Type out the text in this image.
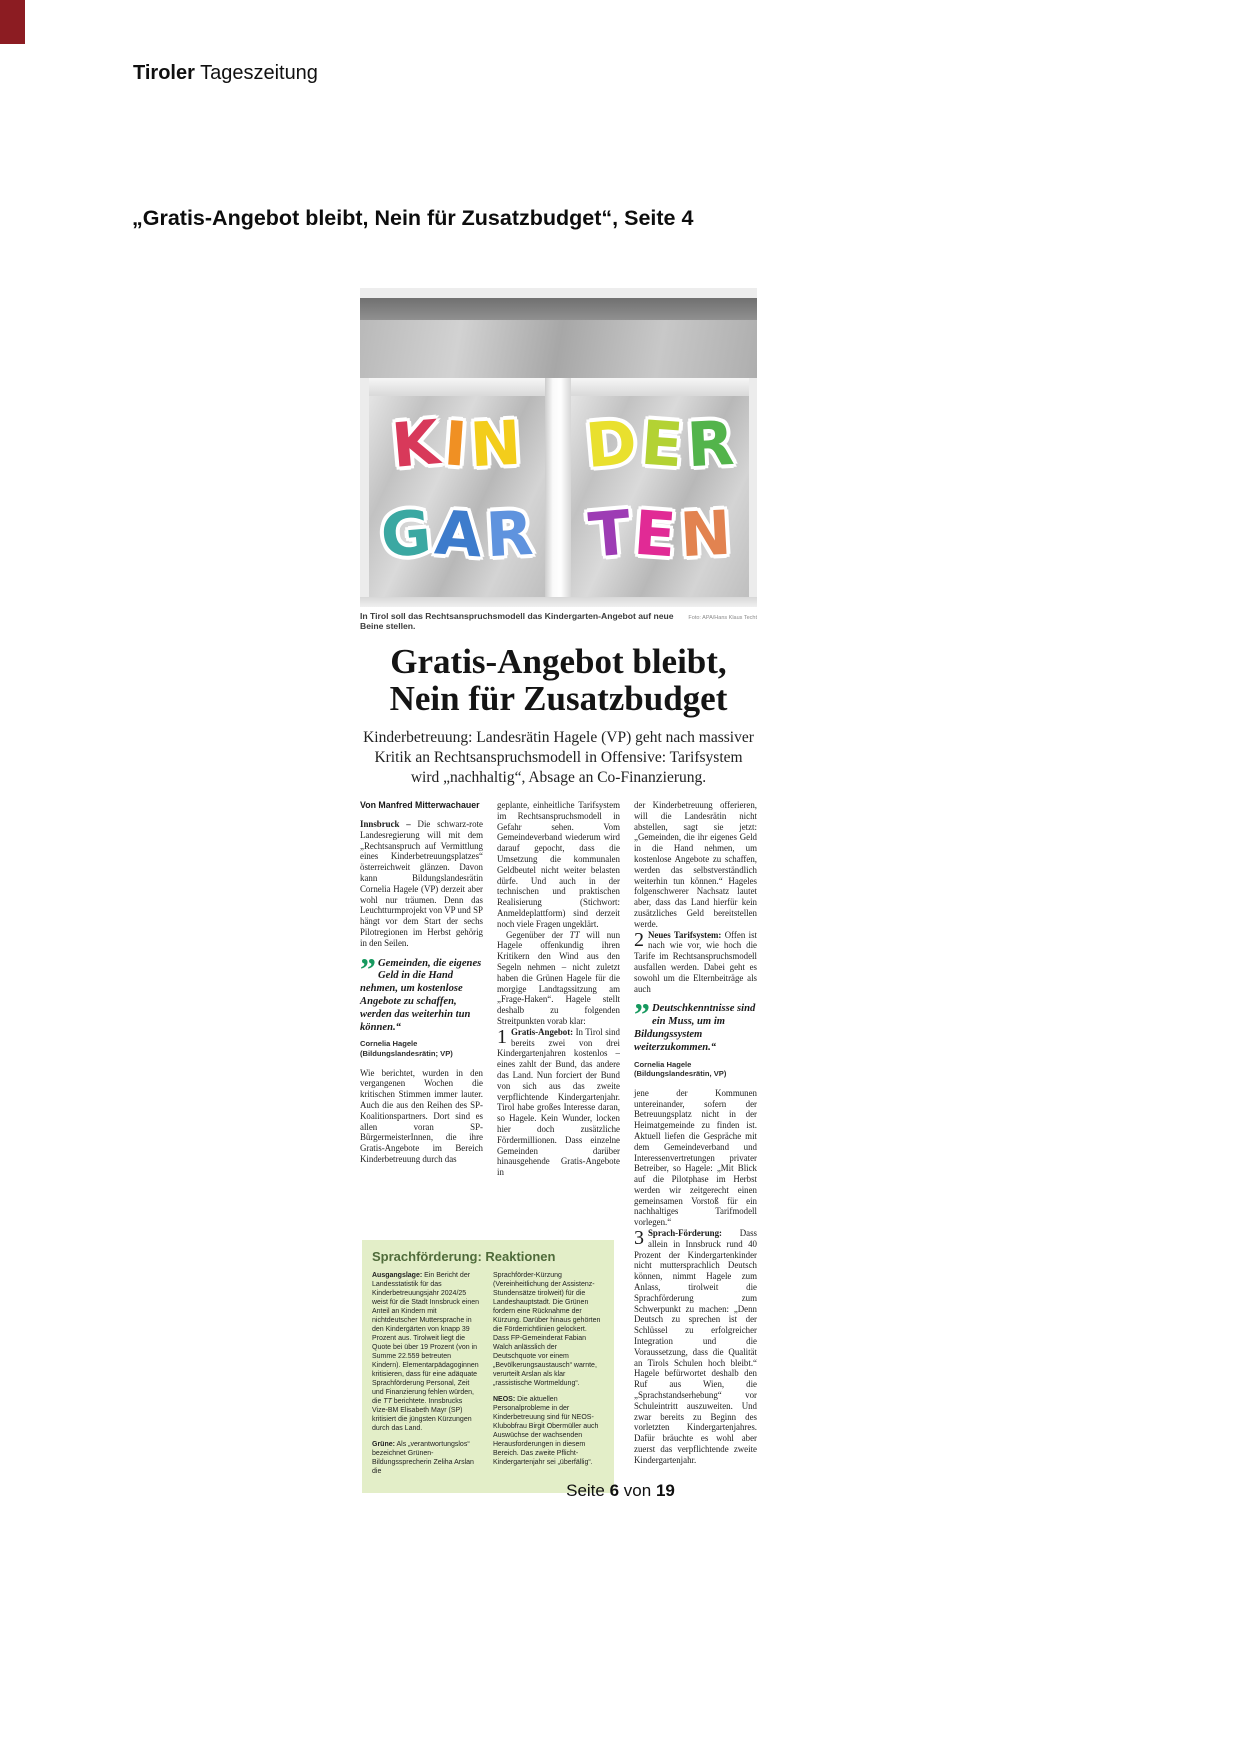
Tiroler Tageszeitung
„Gratis-Angebot bleibt, Nein für Zusatzbudget“, Seite 4
KIN
GAR
DER
TEN
In Tirol soll das Rechtsanspruchsmodell das Kindergarten-Angebot auf neue Beine stellen.
Foto: APA/Hans Klaus Techt
Gratis-Angebot bleibt,
Nein für Zusatzbudget
Kinderbetreuung: Landesrätin Hagele (VP) geht nach massiver Kritik an Rechtsanspruchsmodell in Offensive: Tarifsystem wird „nachhaltig“, Absage an Co-Finanzierung.
Von Manfred Mitterwachauer

Innsbruck – Die schwarz-rote Landesregierung will mit dem „Rechtsanspruch auf Vermittlung eines Kinderbetreuungsplatzes“ österreichweit glänzen. Davon kann Bildungslandesrätin Cornelia Hagele (VP) derzeit aber wohl nur träumen. Denn das Leuchtturmprojekt von VP und SP hängt vor dem Start der sechs Pilotregionen im Herbst gehörig in den Seilen.

” Gemeinden, die eigenes Geld in die Hand nehmen, um kostenlose Angebote zu schaffen, werden das weiterhin tun können.“
Cornelia Hagele
(Bildungslandesrätin; VP)

Wie berichtet, wurden in den vergangenen Wochen die kritischen Stimmen immer lauter. Auch die aus den Reihen des SP-Koalitionspartners. Dort sind es allen voran SP-BürgermeisterInnen, die ihre Gratis-Angebote im Bereich Kinderbetreuung durch das

geplante, einheitliche Tarifsystem im Rechtsanspruchsmodell in Gefahr sehen. Vom Gemeindeverband wiederum wird darauf gepocht, dass die Umsetzung die kommunalen Geldbeutel nicht weiter belasten dürfe. Und auch in der technischen und praktischen Realisierung (Stichwort: Anmeldeplattform) sind derzeit noch viele Fragen ungeklärt.

Gegenüber der TT will nun Hagele offenkundig ihren Kritikern den Wind aus den Segeln nehmen – nicht zuletzt haben die Grünen Hagele für die morgige Landtagssitzung am „Frage-Haken“. Hagele stellt deshalb zu folgenden Streitpunkten vorab klar:

1 Gratis-Angebot: In Tirol sind bereits zwei von drei Kindergartenjahren kostenlos – eines zahlt der Bund, das andere das Land. Nun forciert der Bund von sich aus das zweite verpflichtende Kindergartenjahr. Tirol habe großes Interesse daran, so Hagele. Kein Wunder, locken hier doch zusätzliche Fördermillionen. Dass einzelne Gemeinden darüber hinausgehende Gratis-Angebote in

der Kinderbetreuung offerieren, will die Landesrätin nicht abstellen, sagt sie jetzt: „Gemeinden, die ihr eigenes Geld in die Hand nehmen, um kostenlose Angebote zu schaffen, werden das selbstverständlich weiterhin tun können.“ Hageles folgenschwerer Nachsatz lautet aber, dass das Land hierfür kein zusätzliches Geld bereitstellen werde.

2 Neues Tarifsystem: Offen ist nach wie vor, wie hoch die Tarife im Rechtsanspruchsmodell ausfallen werden. Dabei geht es sowohl um die Elternbeiträge als auch

” Deutschkenntnisse sind ein Muss, um im Bildungssystem weiterzukommen.“
Cornelia Hagele
(Bildungslandesrätin, VP)

jene der Kommunen untereinander, sofern der Betreuungsplatz nicht in der Heimatgemeinde zu finden ist. Aktuell liefen die Gespräche mit dem Gemeindeverband und Interessenvertretungen privater Betreiber, so Hagele: „Mit Blick auf die Pilotphase im Herbst werden wir zeitgerecht einen gemeinsamen Vorstoß für ein nachhaltiges Tarifmodell vorlegen.“

3 Sprach-Förderung: Dass allein in Innsbruck rund 40 Prozent der Kindergartenkinder nicht muttersprachlich Deutsch können, nimmt Hagele zum Anlass, tirolweit die Sprachförderung zum Schwerpunkt zu machen: „Denn Deutsch zu sprechen ist der Schlüssel zu erfolgreicher Integration und die Voraussetzung, dass die Qualität an Tirols Schulen hoch bleibt.“ Hagele befürwortet deshalb den Ruf aus Wien, die „Sprachstandserhebung“ vor Schuleintritt auszuweiten. Und zwar bereits zu Beginn des vorletzten Kindergartenjahres. Dafür bräuchte es wohl aber zuerst das verpflichtende zweite Kindergartenjahr.

Sprachförderung: Reaktionen

Ausgangslage: Ein Bericht der Landesstatistik für das Kinderbetreuungsjahr 2024/25 weist für die Stadt Innsbruck einen Anteil an Kindern mit nichtdeutscher Muttersprache in den Kindergärten von knapp 39 Prozent aus. Tirolweit liegt die Quote bei über 19 Prozent (von in Summe 22.559 betreuten Kindern). Elementarpädagoginnen kritisieren, dass für eine adäquate Sprachförderung Personal, Zeit und Finanzierung fehlen würden, die TT berichtete. Innsbrucks Vize-BM Elisabeth Mayr (SP) kritisiert die jüngsten Kürzungen durch das Land.

Grüne: Als „verantwortungslos“ bezeichnet Grünen-Bildungssprecherin Zeliha Arslan die

Sprachförder-Kürzung (Vereinheitlichung der Assistenz-Stundensätze tirolweit) für die Landeshauptstadt. Die Grünen fordern eine Rücknahme der Kürzung. Darüber hinaus gehörten die Förderrichtlinien gelockert. Dass FP-Gemeinderat Fabian Walch anlässlich der Deutschquote vor einem „Bevölkerungsaustausch“ warnte, verurteilt Arslan als klar „rassistische Wortmeldung“.

NEOS: Die aktuellen Personalprobleme in der Kinderbetreuung sind für NEOS-Klubobfrau Birgit Obermüller auch Auswüchse der wachsenden Herausforderungen in diesem Bereich. Das zweite Pflicht-Kindergartenjahr sei „überfällig“.

Seite 6 von 19
